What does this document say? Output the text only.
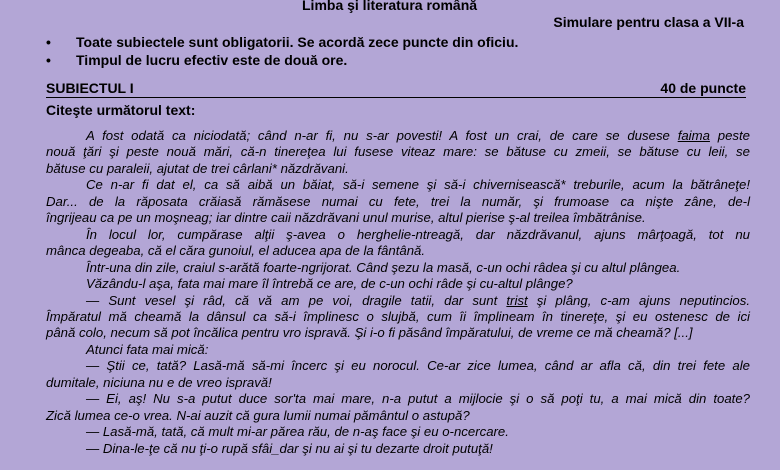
Limba şi literatura română
Simulare pentru clasa a VII-a
• Toate subiectele sunt obligatorii. Se acordă zece puncte din oficiu.
• Timpul de lucru efectiv este de două ore.
SUBIECTUL I	40 de puncte
Citeşte următorul text:
A fost odată ca niciodată; când n-ar fi, nu s-ar povesti! A fost un crai, de care se dusese faima peste
nouă ţări şi peste nouă mări, că-n tinereţea lui fusese viteaz mare: se bătuse cu zmeii, se bătuse cu leii, se
bătuse cu paraleii, ajutat de trei cârlani* năzdrăvani.
Ce n-ar fi dat el, ca să aibă un băiat, să-i semene şi să-i chivernisească* treburile, acum la bătrâneţe!
Dar... de la răposata crăiasă rămăsese numai cu fete, trei la număr, şi frumoase ca nişte zâne, de-l
îngrijeau ca pe un moşneag; iar dintre caii năzdrăvani unul murise, altul pierise ş-al treilea îmbătrânise.
În locul lor, cumpărase alţii ş-avea o herghelie-ntreagă, dar năzdrăvanul, ajuns mârţoagă, tot nu
mânca degeaba, că el căra gunoiul, el aducea apa de la fântână.
Într-una din zile, craiul s-arătă foarte-ngrijorat. Când şezu la masă, c-un ochi râdea şi cu altul plângea.
Văzându-l aşa, fata mai mare îl întrebă ce are, de c-un ochi râde şi cu-altul plânge?
— Sunt vesel şi râd, că vă am pe voi, dragile tatii, dar sunt trist şi plâng, c-am ajuns neputincios.
Împăratul mă cheamă la dânsul ca să-i împlinesc o slujbă, cum îi împlineam în tinereţe, şi eu ostenesc de ici
până colo, necum să pot încălica pentru vro ispravă. Şi i-o fi păsând împăratului, de vreme ce mă cheamă? [...]
Atunci fata mai mică:
— Ştii ce, tată? Lasă-mă să-mi încerc şi eu norocul. Ce-ar zice lumea, când ar afla că, din trei fete ale
dumitale, niciuna nu e de vreo ispravă!
— Ei, aş! Nu s-a putut duce sor'ta mai mare, n-a putut a mijlocie şi o să poţi tu, a mai mică din toate?
Zică lumea ce-o vrea. N-ai auzit că gura lumii numai pământul o astupă?
— Lasă-mă, tată, că mult mi-ar părea rău, de n-aş face şi eu o-ncercare.
— Dina-le-ţe că nu ţi-o rupă sfâi_dar şi nu ai şi tu dezarte droit putuţă!
